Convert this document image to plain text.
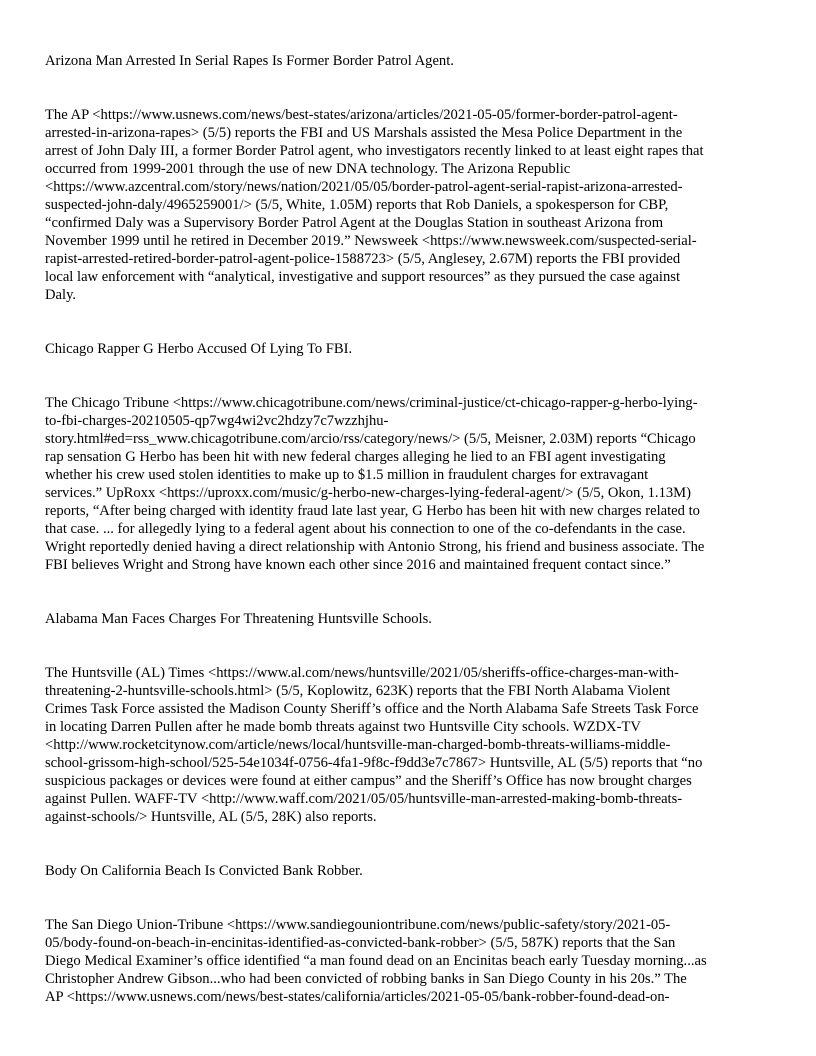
Arizona Man Arrested In Serial Rapes Is Former Border Patrol Agent.

The AP <https://www.usnews.com/news/best-states/arizona/articles/2021-05-05/former-border-patrol-agent-
arrested-in-arizona-rapes> (5/5) reports the FBI and US Marshals assisted the Mesa Police Department in the
arrest of John Daly III, a former Border Patrol agent, who investigators recently linked to at least eight rapes that
occurred from 1999-2001 through the use of new DNA technology. The Arizona Republic
<https://www.azcentral.com/story/news/nation/2021/05/05/border-patrol-agent-serial-rapist-arizona-arrested-
suspected-john-daly/4965259001/> (5/5, White, 1.05M) reports that Rob Daniels, a spokesperson for CBP,
“confirmed Daly was a Supervisory Border Patrol Agent at the Douglas Station in southeast Arizona from
November 1999 until he retired in December 2019.” Newsweek <https://www.newsweek.com/suspected-serial-
rapist-arrested-retired-border-patrol-agent-police-1588723> (5/5, Anglesey, 2.67M) reports the FBI provided
local law enforcement with “analytical, investigative and support resources” as they pursued the case against
Daly.

Chicago Rapper G Herbo Accused Of Lying To FBI.

The Chicago Tribune <https://www.chicagotribune.com/news/criminal-justice/ct-chicago-rapper-g-herbo-lying-
to-fbi-charges-20210505-qp7wg4wi2vc2hdzy7c7wzzhjhu-
story.html#ed=rss_www.chicagotribune.com/arcio/rss/category/news/> (5/5, Meisner, 2.03M) reports “Chicago
rap sensation G Herbo has been hit with new federal charges alleging he lied to an FBI agent investigating
whether his crew used stolen identities to make up to $1.5 million in fraudulent charges for extravagant
services.” UpRoxx <https://uproxx.com/music/g-herbo-new-charges-lying-federal-agent/> (5/5, Okon, 1.13M)
reports, “After being charged with identity fraud late last year, G Herbo has been hit with new charges related to
that case. ... for allegedly lying to a federal agent about his connection to one of the co-defendants in the case.
Wright reportedly denied having a direct relationship with Antonio Strong, his friend and business associate. The
FBI believes Wright and Strong have known each other since 2016 and maintained frequent contact since.”

Alabama Man Faces Charges For Threatening Huntsville Schools.

The Huntsville (AL) Times <https://www.al.com/news/huntsville/2021/05/sheriffs-office-charges-man-with-
threatening-2-huntsville-schools.html> (5/5, Koplowitz, 623K) reports that the FBI North Alabama Violent
Crimes Task Force assisted the Madison County Sheriff’s office and the North Alabama Safe Streets Task Force
in locating Darren Pullen after he made bomb threats against two Huntsville City schools. WZDX-TV
<http://www.rocketcitynow.com/article/news/local/huntsville-man-charged-bomb-threats-williams-middle-
school-grissom-high-school/525-54e1034f-0756-4fa1-9f8c-f9dd3e7c7867> Huntsville, AL (5/5) reports that “no
suspicious packages or devices were found at either campus” and the Sheriff’s Office has now brought charges
against Pullen. WAFF-TV <http://www.waff.com/2021/05/05/huntsville-man-arrested-making-bomb-threats-
against-schools/> Huntsville, AL (5/5, 28K) also reports.

Body On California Beach Is Convicted Bank Robber.

The San Diego Union-Tribune <https://www.sandiegouniontribune.com/news/public-safety/story/2021-05-
05/body-found-on-beach-in-encinitas-identified-as-convicted-bank-robber> (5/5, 587K) reports that the San
Diego Medical Examiner’s office identified “a man found dead on an Encinitas beach early Tuesday morning...as
Christopher Andrew Gibson...who had been convicted of robbing banks in San Diego County in his 20s.” The
AP <https://www.usnews.com/news/best-states/california/articles/2021-05-05/bank-robber-found-dead-on-
